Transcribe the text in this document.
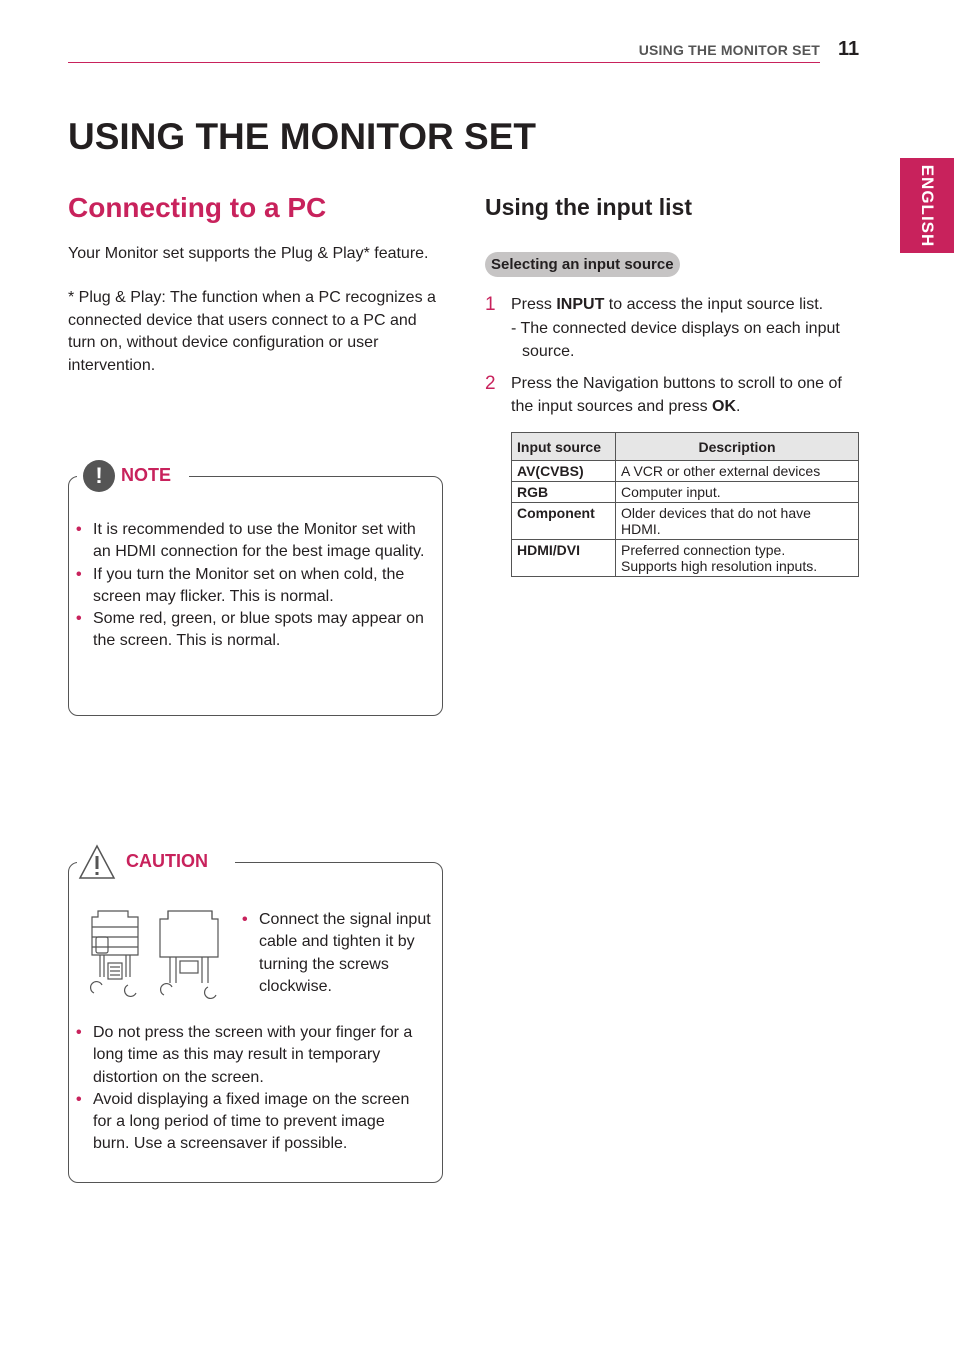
USING THE MONITOR SET 11
ENGLISH
USING THE MONITOR SET
Connecting to a PC
Your Monitor set supports the Plug & Play* feature.
* Plug & Play: The function when a PC recognizes a connected device that users connect to a PC and turn on, without device configuration or user intervention.
!	NOTE
• It is recommended to use the Monitor set with an HDMI connection for the best image quality.
• If you turn the Monitor set on when cold, the screen may flicker. This is normal.
• Some red, green, or blue spots may appear on the screen. This is normal.
CAUTION
• Connect the signal input cable and tighten it by turning the screws clockwise.
• Do not press the screen with your finger for a long time as this may result in temporary distortion on the screen.
• Avoid displaying a fixed image on the screen for a long period of time to prevent image burn. Use a screensaver if possible.
Using the input list
Selecting an input source
1 Press INPUT to access the input source list.
- The connected device displays on each input source.
2 Press the Navigation buttons to scroll to one of the input sources and press OK.
Input source	Description
AV(CVBS)	A VCR or other external devices

RGB	Computer input.

Component	Older devices that do not have
HDMI.

HDMI/DVI	Preferred connection type.
Supports high resolution inputs.
